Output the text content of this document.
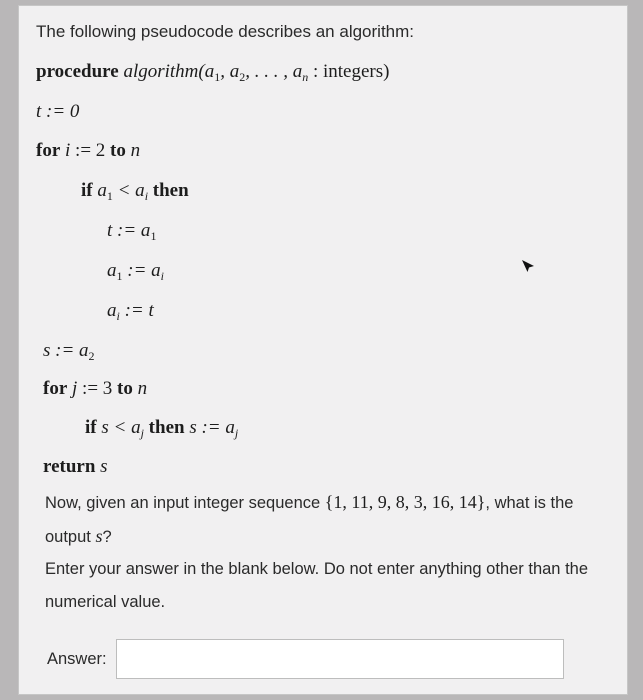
The following pseudocode describes an algorithm:
procedure $algorithm(a_1$, $a_2$, . . . , $a_n$ : integers)
t := 0
for i := 2 to n
if $a_1 < a_i$ then
t := $a_1$
$a_1$ := $a_i$
$a_i$ := t
s := $a_2$
for j := 3 to n
if $s < a_j$ then s := $a_j$
return s
Now, given an input integer sequence {1, 11, 9, 8, 3, 16, 14}, what is the output s?
Enter your answer in the blank below. Do not enter anything other than the numerical value.
Answer:
